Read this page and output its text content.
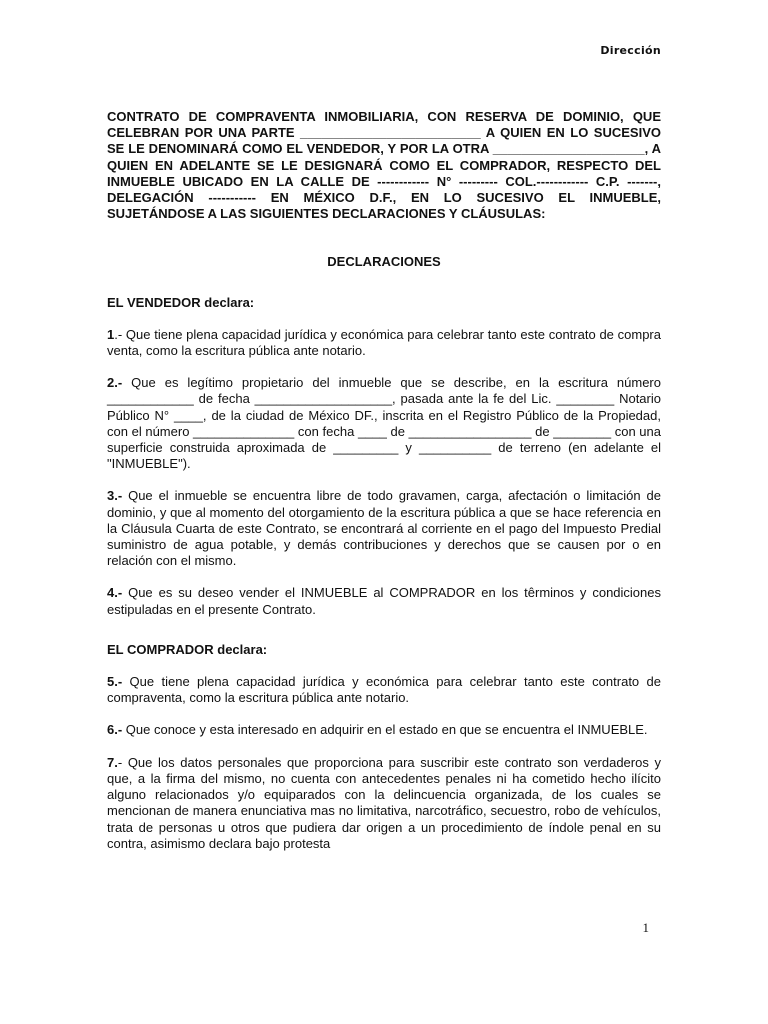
Dirección

CONTRATO DE COMPRAVENTA INMOBILIARIA, CON RESERVA DE DOMINIO, QUE CELEBRAN POR UNA PARTE _________________________ A QUIEN EN LO SUCESIVO SE LE DENOMINARÁ COMO EL VENDEDOR, Y POR LA OTRA _____________________, A QUIEN EN ADELANTE SE LE DESIGNARÁ COMO EL COMPRADOR, RESPECTO DEL INMUEBLE UBICADO EN LA CALLE DE ------------ N° --------- COL.------------ C.P. -------, DELEGACIÓN ----------- EN MÉXICO D.F., EN LO SUCESIVO EL INMUEBLE, SUJETÁNDOSE A LAS SIGUIENTES DECLARACIONES Y CLÁUSULAS:

DECLARACIONES

EL VENDEDOR declara:

1.- Que tiene plena capacidad jurídica y económica para celebrar tanto este contrato de compra venta, como la escritura pública ante notario.

2.- Que es legítimo propietario del inmueble que se describe, en la escritura número ____________ de fecha ___________________, pasada ante la fe del Lic. ________ Notario Público N° ____, de la ciudad de México DF., inscrita en el Registro Público de la Propiedad, con el número ______________ con fecha ____ de _________________ de ________ con una superficie construida aproximada de _________ y __________ de terreno (en adelante el "INMUEBLE").

3.- Que el inmueble se encuentra libre de todo gravamen, carga, afectación o limitación de dominio, y que al momento del otorgamiento de la escritura pública a que se hace referencia en la Cláusula Cuarta de este Contrato, se encontrará al corriente en el pago del Impuesto Predial suministro de agua potable, y demás contribuciones y derechos que se causen por o en relación con el mismo.

4.- Que es su deseo vender el INMUEBLE al COMPRADOR en los têrminos y condiciones estipuladas en el presente Contrato.

EL COMPRADOR declara:

5.- Que tiene plena capacidad jurídica y económica para celebrar tanto este contrato de compraventa, como la escritura pública ante notario.

6.- Que conoce y esta interesado en adquirir en el estado en que se encuentra el INMUEBLE.

7.- Que los datos personales que proporciona para suscribir este contrato son verdaderos y que, a la firma del mismo, no cuenta con antecedentes penales ni ha cometido hecho ilícito alguno relacionados y/o equiparados con la delincuencia organizada, de los cuales se mencionan de manera enunciativa mas no limitativa, narcotráfico, secuestro, robo de vehículos, trata de personas u otros que pudiera dar origen a un procedimiento de índole penal en su contra, asimismo declara bajo protesta

1
